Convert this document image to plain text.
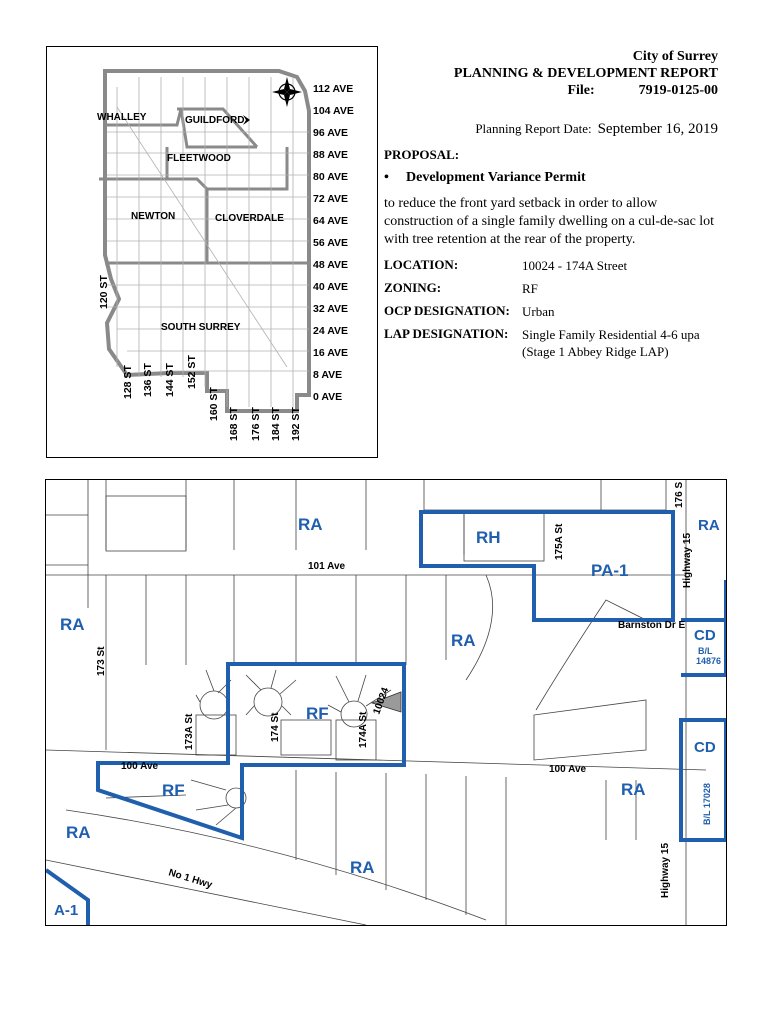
112 AVE
104 AVE
96 AVE
88 AVE
80 AVE
72 AVE
64 AVE
56 AVE
48 AVE
40 AVE
32 AVE
24 AVE
16 AVE
8 AVE
0 AVE
128 ST 136 ST 144 ST 152 ST
160 ST
168 ST 176 ST 184 ST 192 ST
120 ST
WHALLEY	GUILDFORD
FLEETWOOD
NEWTON	CLOVERDALE
SOUTH SURREY
City of Surrey
PLANNING & DEVELOPMENT REPORT
File:	7919-0125-00
Planning Report Date: September 16, 2019
PROPOSAL:
• Development Variance Permit
to reduce the front yard setback in order to allow construction of a single family dwelling on a cul-de-sac lot with tree retention at the rear of the property.
LOCATION:	10024 - 174A Street
ZONING:	RF
OCP DESIGNATION: Urban
LAP DESIGNATION:	Single Family Residential 4-6 upa
(Stage 1 Abbey Ridge LAP)
RA
RH
RA
PA-1
RA
RA	CD
B/L
14876
RF
CD
B/L 17028
RF	RA
RA
RA
A-1
176 S
175A St	Highway 15
101 Ave
Barnston Dr E
173 St
173A St	174 St	174A St
100 Ave	100 Ave
Highway 15
No 1 Hwy
10024
